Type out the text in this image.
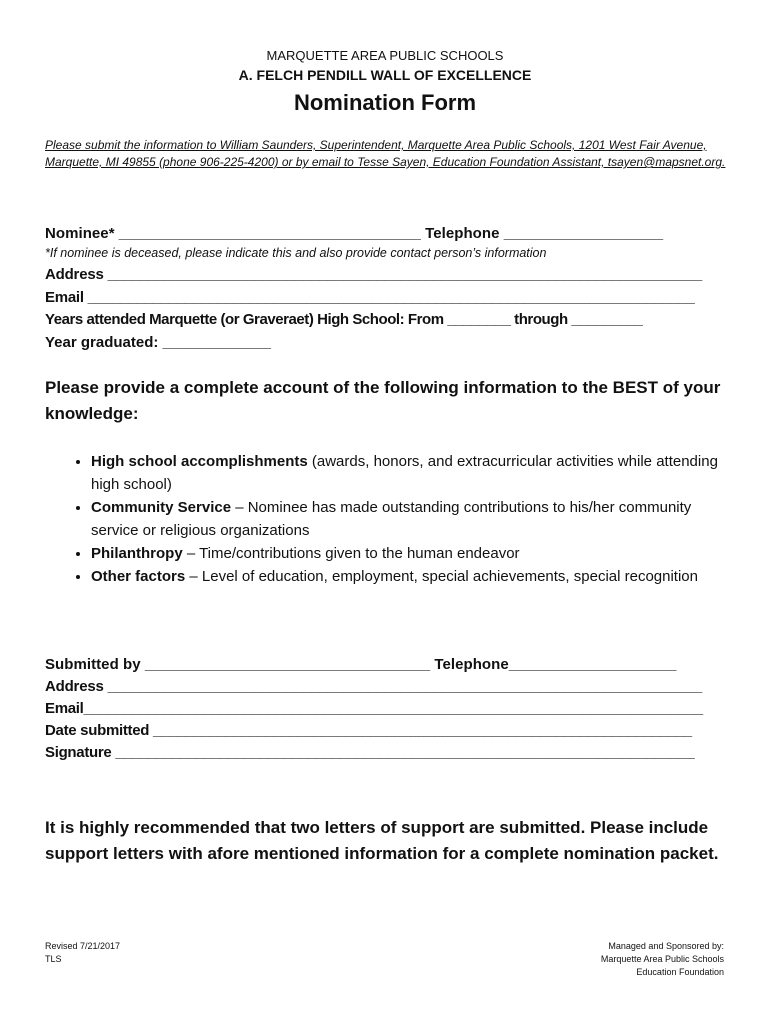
MARQUETTE AREA PUBLIC SCHOOLS
A. FELCH PENDILL WALL OF EXCELLENCE
Nomination Form
Please submit the information to William Saunders, Superintendent, Marquette Area Public Schools, 1201 West Fair Avenue, Marquette, MI 49855 (phone 906-225-4200) or by email to Tesse Sayen, Education Foundation Assistant, tsayen@mapsnet.org.
Nominee* ____________________________________ Telephone ___________________
*If nominee is deceased, please indicate this and also provide contact person’s information
Address _________________________________________________________________________
Email ___________________________________________________________________________
Years attended Marquette (or Graveraet) High School: From ________ through _________
Year graduated: _____________
Please provide a complete account of the following information to the BEST of your knowledge:
• High school accomplishments (awards, honors, and extracurricular activities while attending high school)
• Community Service – Nominee has made outstanding contributions to his/her community service or religious organizations
• Philanthropy – Time/contributions given to the human endeavor
• Other factors – Level of education, employment, special achievements, special recognition
Submitted by __________________________________ Telephone____________________
Address _________________________________________________________________________
Email_____________________________________________________________________________
Date submitted ___________________________________________________________________
Signature ________________________________________________________________________
It is highly recommended that two letters of support are submitted. Please include support letters with afore mentioned information for a complete nomination packet.
Revised 7/21/2017
TLS
Managed and Sponsored by:
Marquette Area Public Schools
Education Foundation
